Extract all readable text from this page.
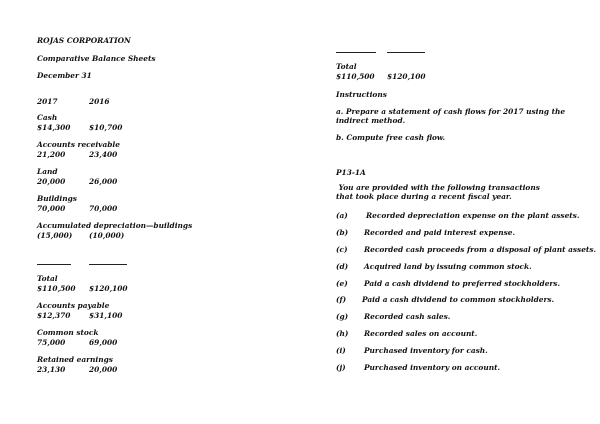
ROJAS CORPORATION
Comparative Balance Sheets
December 31
2017	2016
Cash
$14,300	$10,700
Accounts receivable
21,200	23,400
Land
20,000	26,000
Buildings
70,000	70,000
Accumulated depreciation—buildings
(15,000) (10,000)
Total
$110,500 $120,100
Accounts payable
$12,370	$31,100
Common stock
75,000	69,000
Retained earnings
23,130	20,000
Total
$110,500 $120,100
Instructions
a. Prepare a statement of cash flows for 2017 using the indirect method.
b. Compute free cash flow.
P13-1A
You are provided with the following transactions that took place during a recent fiscal year.
(a) Recorded depreciation expense on the plant assets.
(b) Recorded and paid interest expense.
(c) Recorded cash proceeds from a disposal of plant assets.
(d) Acquired land by issuing common stock.
(e) Paid a cash dividend to preferred stockholders.
(f) Paid a cash dividend to common stockholders.
(g) Recorded cash sales.
(h) Recorded sales on account.
(i) Purchased inventory for cash.
(j) Purchased inventory on account.
